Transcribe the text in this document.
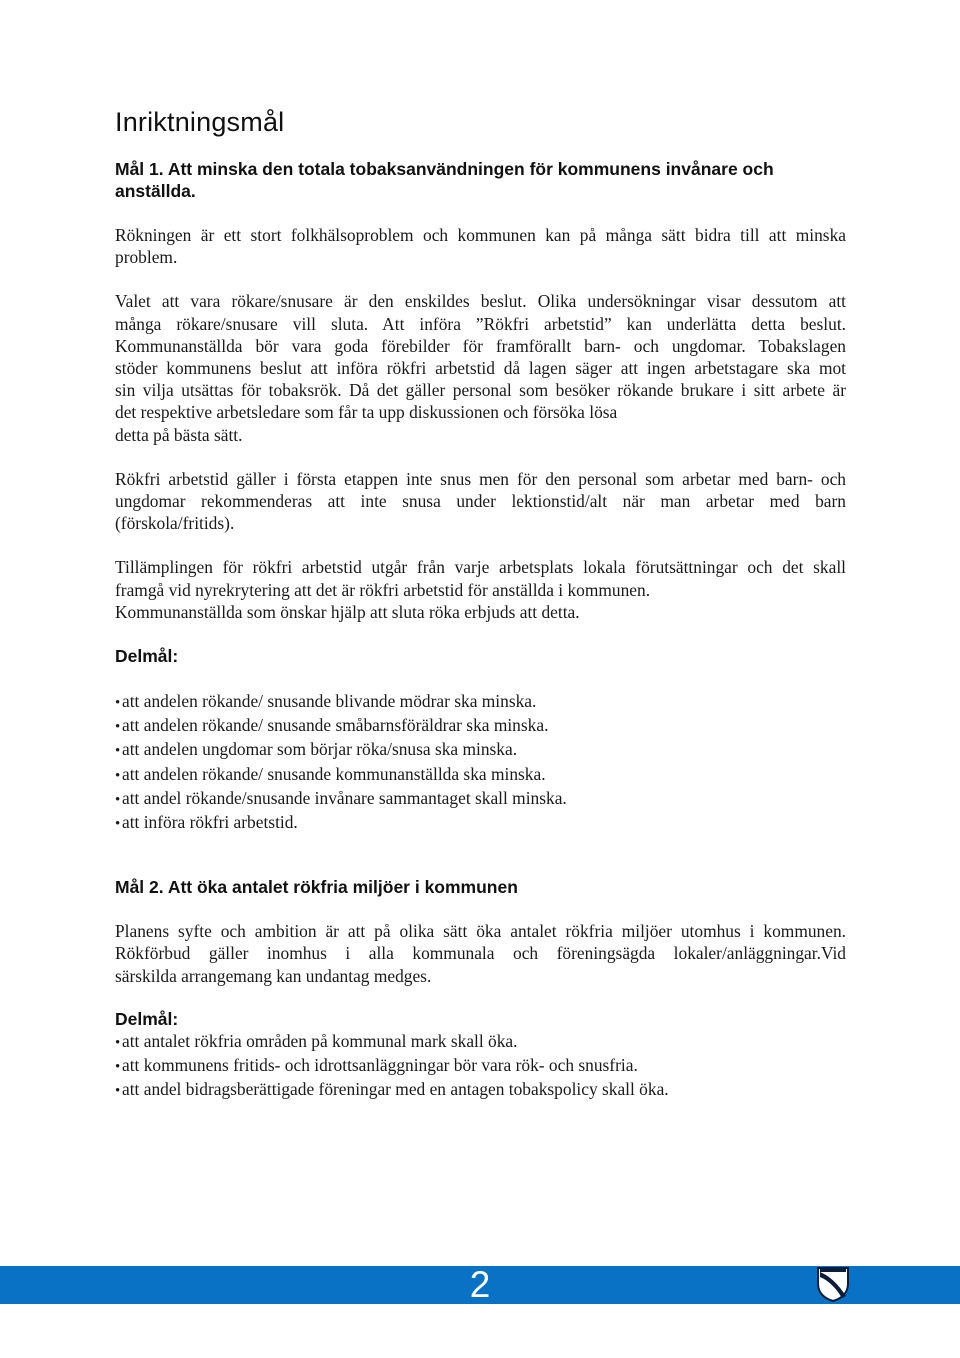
Inriktningsmål
Mål 1. Att minska den totala tobaksanvändningen för kommunens invånare och anställda.

Rökningen är ett stort folkhälsoproblem och kommunen kan på många sätt bidra till att minska
problem.

Valet att vara rökare/snusare är den enskildes beslut. Olika undersökningar visar dessutom att
många rökare/snusare vill sluta. Att införa ”Rökfri arbetstid” kan underlätta detta beslut.
Kommunanställda bör vara goda förebilder för framförallt barn- och ungdomar. Tobakslagen
stöder kommunens beslut att införa rökfri arbetstid då lagen säger att ingen arbetstagare ska mot
sin vilja utsättas för tobaksrök. Då det gäller personal som besöker rökande brukare i sitt arbete är
det respektive arbetsledare som får ta upp diskussionen och försöka lösa
detta på bästa sätt.

Rökfri arbetstid gäller i första etappen inte snus men för den personal som arbetar med barn- och
ungdomar rekommenderas att inte snusa under lektionstid/alt när man arbetar med barn
(förskola/fritids).

Tillämplingen för rökfri arbetstid utgår från varje arbetsplats lokala förutsättningar och det skall
framgå vid nyrekrytering att det är rökfri arbetstid för anställda i kommunen.
Kommunanställda som önskar hjälp att sluta röka erbjuds att detta.

Delmål:
•att andelen rökande/ snusande blivande mödrar ska minska.
•att andelen rökande/ snusande småbarnsföräldrar ska minska.
•att andelen ungdomar som börjar röka/snusa ska minska.
•att andelen rökande/ snusande kommunanställda ska minska.
•att andel rökande/snusande invånare sammantaget skall minska.
•att införa rökfri arbetstid.
Mål 2. Att öka antalet rökfria miljöer i kommunen

Planens syfte och ambition är att på olika sätt öka antalet rökfria miljöer utomhus i kommunen.
Rökförbud gäller inomhus i alla kommunala och föreningsägda lokaler/anläggningar.Vid
särskilda arrangemang kan undantag medges.

Delmål:
•att antalet rökfria områden på kommunal mark skall öka.
•att kommunens fritids- och idrottsanläggningar bör vara rök- och snusfria.
•att andel bidragsberättigade föreningar med en antagen tobakspolicy skall öka.
2
